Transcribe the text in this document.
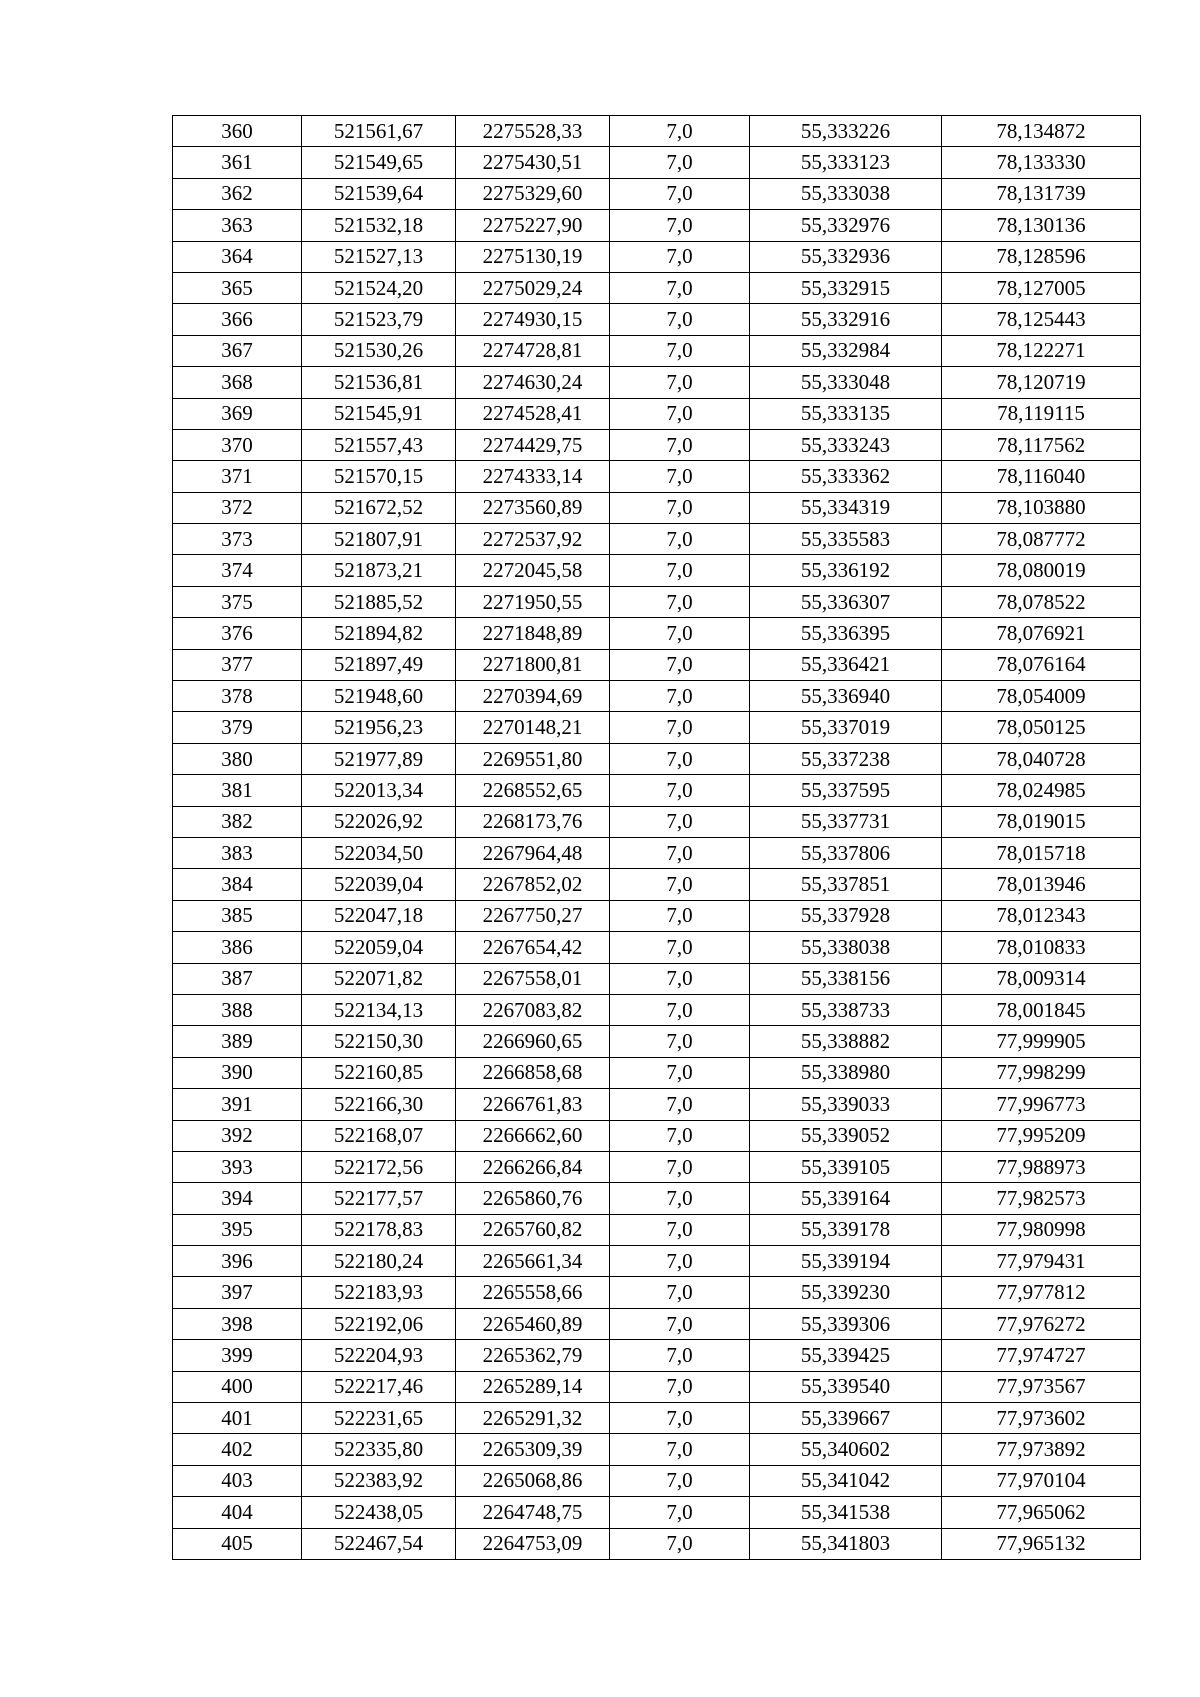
360	521561,67	2275528,33	7,0	55,333226	78,134872
361	521549,65	2275430,51	7,0	55,333123	78,133330
362	521539,64	2275329,60	7,0	55,333038	78,131739
363	521532,18	2275227,90	7,0	55,332976	78,130136
364	521527,13	2275130,19	7,0	55,332936	78,128596
365	521524,20	2275029,24	7,0	55,332915	78,127005
366	521523,79	2274930,15	7,0	55,332916	78,125443
367	521530,26	2274728,81	7,0	55,332984	78,122271
368	521536,81	2274630,24	7,0	55,333048	78,120719
369	521545,91	2274528,41	7,0	55,333135	78,119115
370	521557,43	2274429,75	7,0	55,333243	78,117562
371	521570,15	2274333,14	7,0	55,333362	78,116040
372	521672,52	2273560,89	7,0	55,334319	78,103880
373	521807,91	2272537,92	7,0	55,335583	78,087772
374	521873,21	2272045,58	7,0	55,336192	78,080019
375	521885,52	2271950,55	7,0	55,336307	78,078522
376	521894,82	2271848,89	7,0	55,336395	78,076921
377	521897,49	2271800,81	7,0	55,336421	78,076164
378	521948,60	2270394,69	7,0	55,336940	78,054009
379	521956,23	2270148,21	7,0	55,337019	78,050125
380	521977,89	2269551,80	7,0	55,337238	78,040728
381	522013,34	2268552,65	7,0	55,337595	78,024985
382	522026,92	2268173,76	7,0	55,337731	78,019015
383	522034,50	2267964,48	7,0	55,337806	78,015718
384	522039,04	2267852,02	7,0	55,337851	78,013946
385	522047,18	2267750,27	7,0	55,337928	78,012343
386	522059,04	2267654,42	7,0	55,338038	78,010833
387	522071,82	2267558,01	7,0	55,338156	78,009314
388	522134,13	2267083,82	7,0	55,338733	78,001845
389	522150,30	2266960,65	7,0	55,338882	77,999905
390	522160,85	2266858,68	7,0	55,338980	77,998299
391	522166,30	2266761,83	7,0	55,339033	77,996773
392	522168,07	2266662,60	7,0	55,339052	77,995209
393	522172,56	2266266,84	7,0	55,339105	77,988973
394	522177,57	2265860,76	7,0	55,339164	77,982573
395	522178,83	2265760,82	7,0	55,339178	77,980998
396	522180,24	2265661,34	7,0	55,339194	77,979431
397	522183,93	2265558,66	7,0	55,339230	77,977812
398	522192,06	2265460,89	7,0	55,339306	77,976272
399	522204,93	2265362,79	7,0	55,339425	77,974727
400	522217,46	2265289,14	7,0	55,339540	77,973567
401	522231,65	2265291,32	7,0	55,339667	77,973602
402	522335,80	2265309,39	7,0	55,340602	77,973892
403	522383,92	2265068,86	7,0	55,341042	77,970104
404	522438,05	2264748,75	7,0	55,341538	77,965062
405	522467,54	2264753,09	7,0	55,341803	77,965132
